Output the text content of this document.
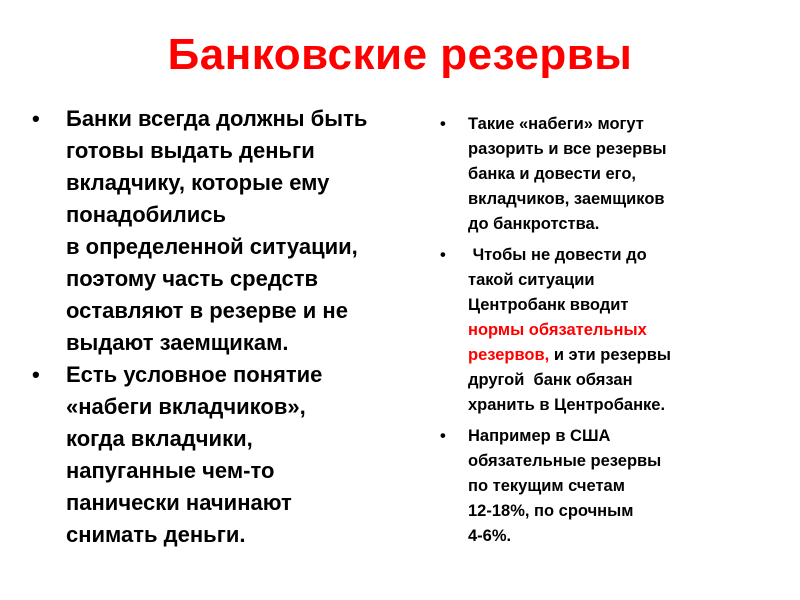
Банковские резервы
• Банки всегда должны быть
готовы выдать деньги
вкладчику, которые ему
понадобились
в определенной ситуации,
поэтому часть средств
оставляют в резерве и не
выдают заемщикам.
• Есть условное понятие
«набеги вкладчиков»,
когда вкладчики,
напуганные чем-то
панически начинают
снимать деньги.
• Такие «набеги» могут
разорить и все резервы
банка и довести его,
вкладчиков, заемщиков
до банкротства.
• Чтобы не довести до
такой ситуации
Центробанк вводит
нормы обязательных
резервов, и эти резервы
другой  банк обязан
хранить в Центробанке.
• Например в США
обязательные резервы
по текущим счетам
12-18%, по срочным
4-6%.
